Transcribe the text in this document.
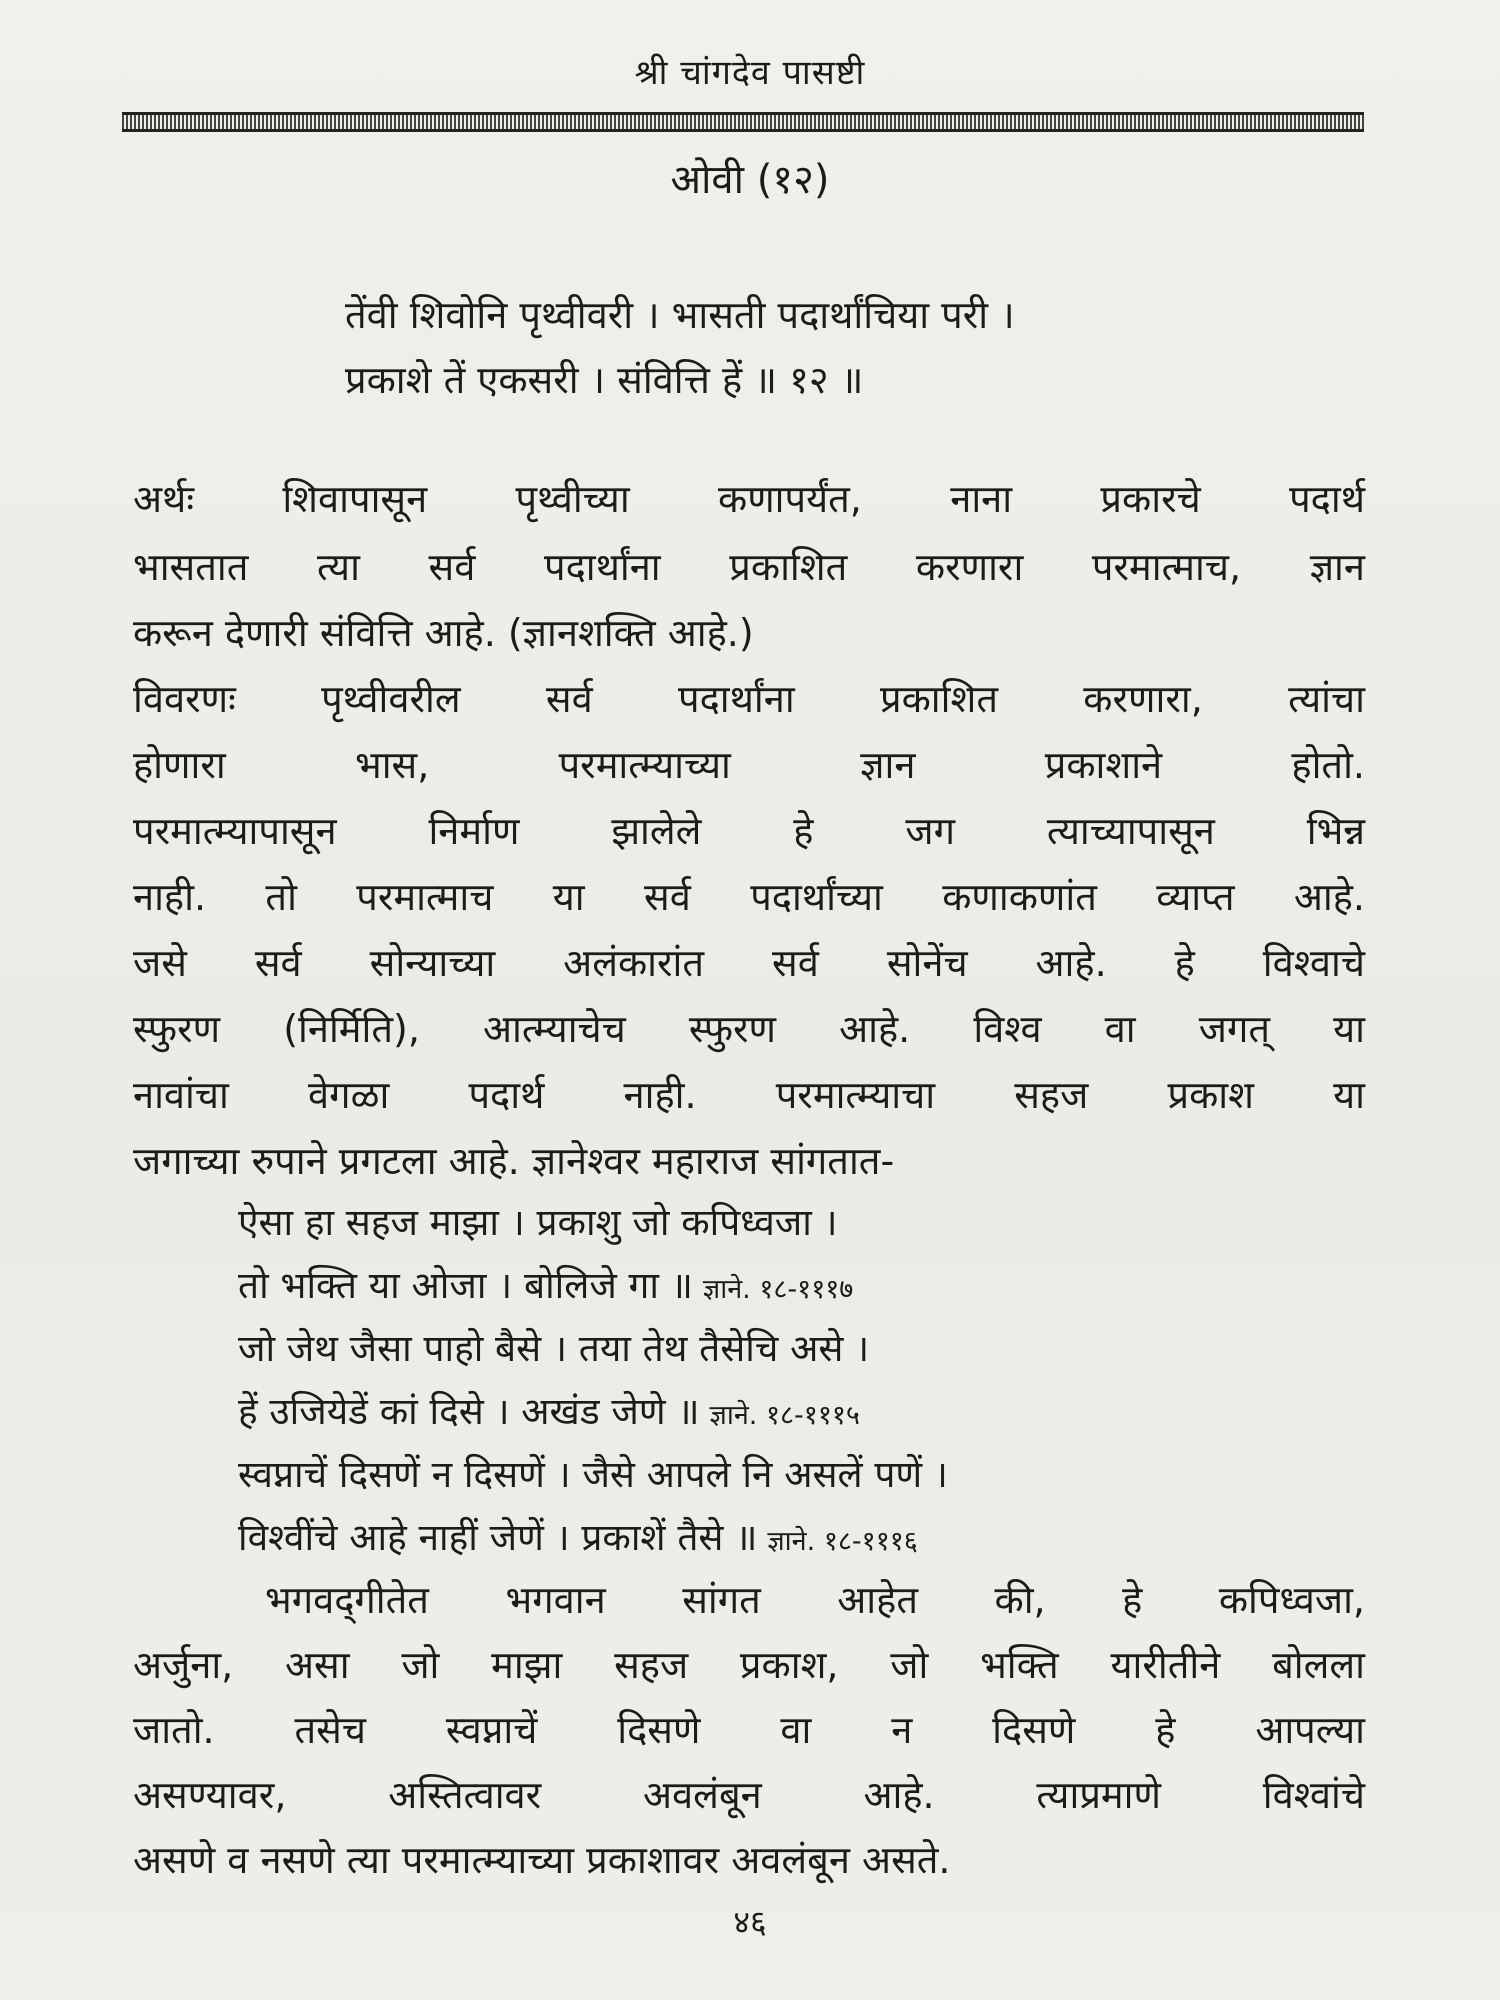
श्री चांगदेव पासष्टी
ओवी (१२)
तेंवी शिवोनि पृथ्वीवरी । भासती पदार्थांचिया परी ।
प्रकाशे तें एकसरी । संवित्ति हें ॥ १२ ॥
अर्थः शिवापासून पृथ्वीच्या कणापर्यंत, नाना प्रकारचे पदार्थ
भासतात त्या सर्व पदार्थांना प्रकाशित करणारा परमात्माच, ज्ञान
करून देणारी संवित्ति आहे. (ज्ञानशक्ति आहे.)
विवरणः पृथ्वीवरील सर्व पदार्थांना प्रकाशित करणारा, त्यांचा
होणारा भास, परमात्म्याच्या ज्ञान प्रकाशाने होतो.
परमात्म्यापासून निर्माण झालेले हे जग त्याच्यापासून भिन्न
नाही. तो परमात्माच या सर्व पदार्थांच्या कणाकणांत व्याप्त आहे.
जसे सर्व सोन्याच्या अलंकारांत सर्व सोनेंच आहे. हे विश्वाचे
स्फुरण (निर्मिति), आत्म्याचेच स्फुरण आहे. विश्व वा जगत् या
नावांचा वेगळा पदार्थ नाही. परमात्म्याचा सहज प्रकाश या
जगाच्या रुपाने प्रगटला आहे. ज्ञानेश्वर महाराज सांगतात-
ऐसा हा सहज माझा । प्रकाशु जो कपिध्वजा ।
तो भक्ति या ओजा । बोलिजे गा ॥ ज्ञाने. १८-१११७
जो जेथ जैसा पाहो बैसे । तया तेथ तैसेचि असे ।
हें उजियेडें कां दिसे । अखंड जेणे ॥ ज्ञाने. १८-१११५
स्वप्नाचें दिसणें न दिसणें । जैसे आपले नि असलें पणें ।
विश्वींचे आहे नाहीं जेणें । प्रकाशें तैसे ॥ ज्ञाने. १८-१११६
भगवद्‌गीतेत भगवान सांगत आहेत की, हे कपिध्वजा,
अर्जुना, असा जो माझा सहज प्रकाश, जो भक्ति यारीतीने बोलला
जातो. तसेच स्वप्नाचें दिसणे वा न दिसणे हे आपल्या
असण्यावर, अस्तित्वावर अवलंबून आहे. त्याप्रमाणे विश्वांचे
असणे व नसणे त्या परमात्म्याच्या प्रकाशावर अवलंबून असते.
४६
